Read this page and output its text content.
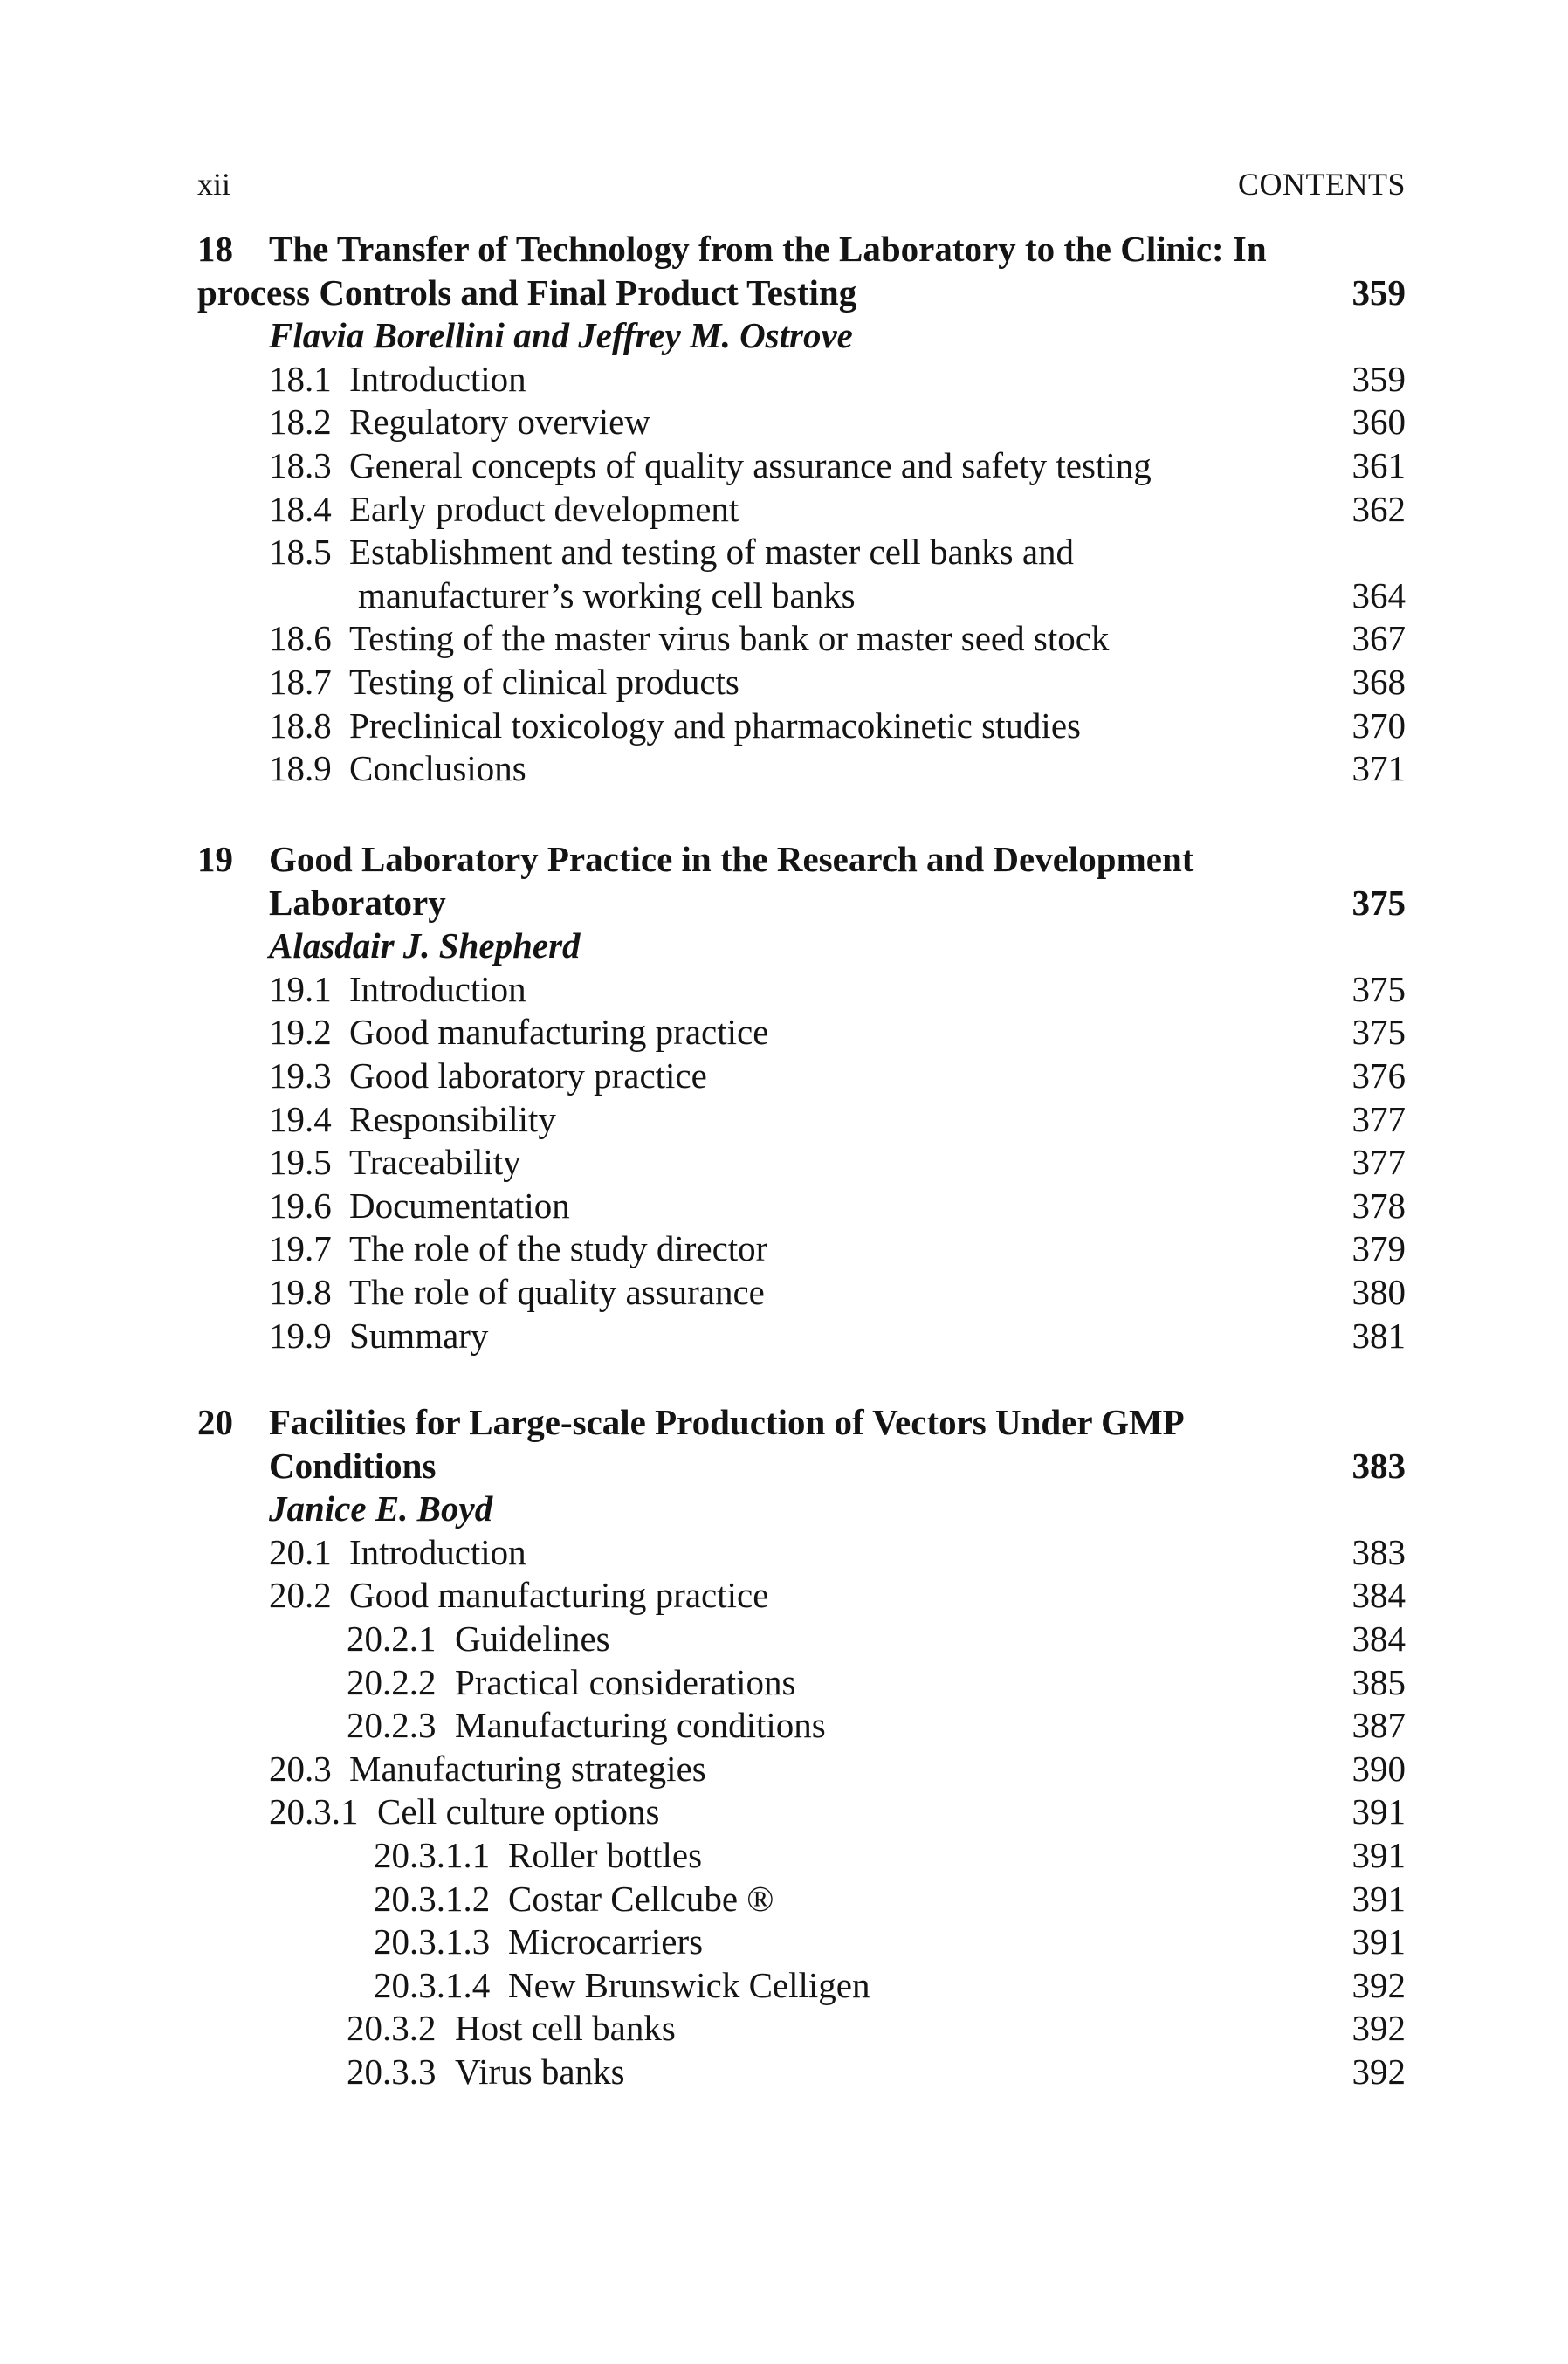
xii	CONTENTS
18 The Transfer of Technology from the Laboratory to the Clinic: In
process Controls and Final Product Testing	359
Flavia Borellini and Jeffrey M. Ostrove
18.1 Introduction	359
18.2 Regulatory overview	360
18.3 General concepts of quality assurance and safety testing	361
18.4 Early product development	362
18.5 Establishment and testing of master cell banks and
manufacturer’s working cell banks	364
18.6 Testing of the master virus bank or master seed stock	367
18.7 Testing of clinical products	368
18.8 Preclinical toxicology and pharmacokinetic studies	370
18.9 Conclusions	371
19 Good Laboratory Practice in the Research and Development
Laboratory	375
Alasdair J. Shepherd
19.1 Introduction	375
19.2 Good manufacturing practice	375
19.3 Good laboratory practice	376
19.4 Responsibility	377
19.5 Traceability	377
19.6 Documentation	378
19.7 The role of the study director	379
19.8 The role of quality assurance	380
19.9 Summary	381
20 Facilities for Large-scale Production of Vectors Under GMP
Conditions	383
Janice E. Boyd
20.1 Introduction	383
20.2 Good manufacturing practice	384
20.2.1 Guidelines	384
20.2.2 Practical considerations	385
20.2.3 Manufacturing conditions	387
20.3 Manufacturing strategies	390
20.3.1 Cell culture options	391
20.3.1.1 Roller bottles	391
20.3.1.2 Costar Cellcube ®	391
20.3.1.3 Microcarriers	391
20.3.1.4 New Brunswick Celligen	392
20.3.2 Host cell banks	392
20.3.3 Virus banks	392
